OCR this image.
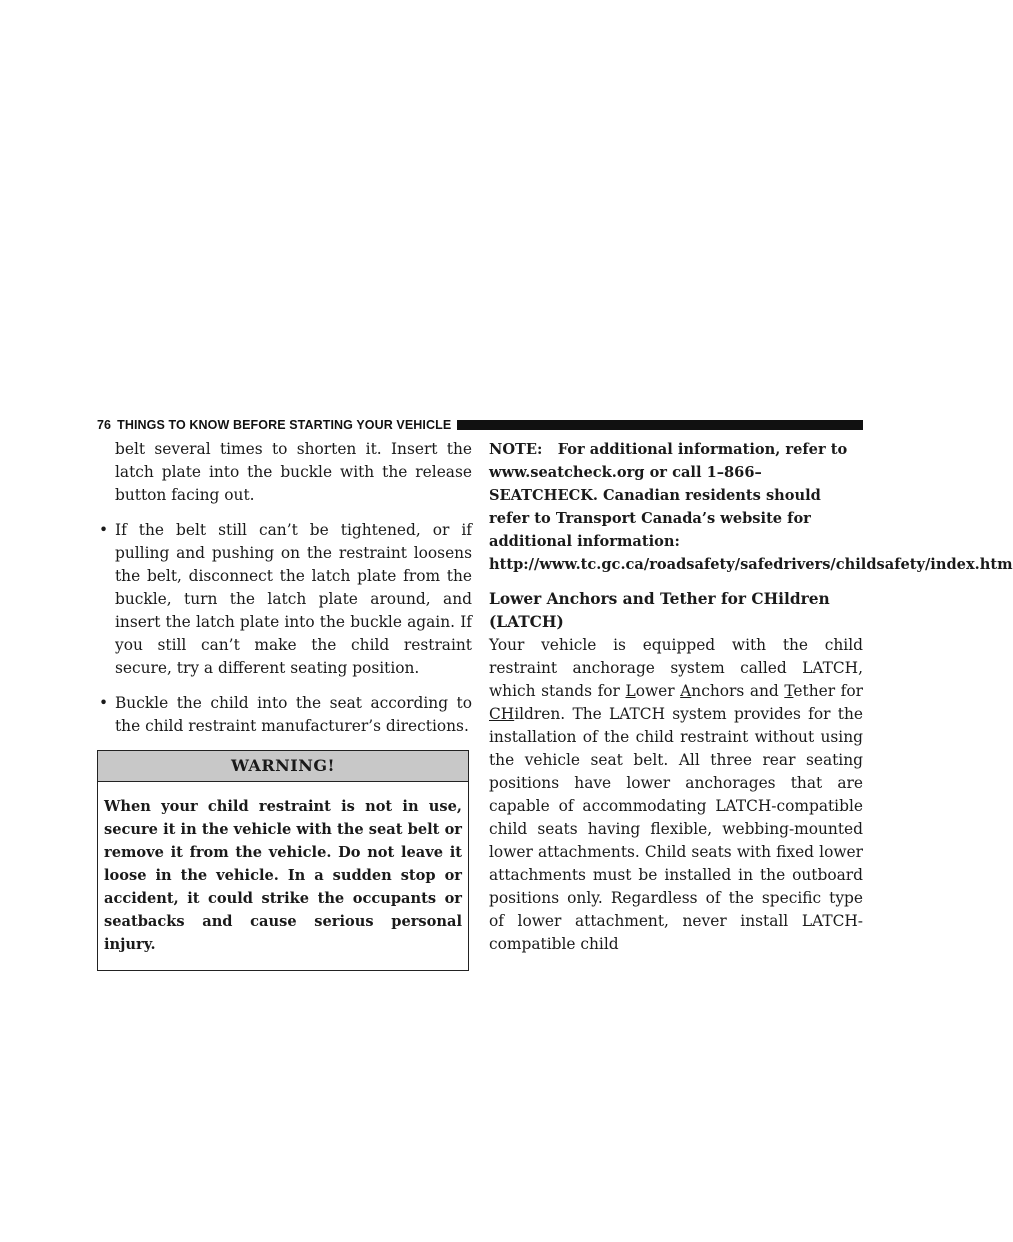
76 THINGS TO KNOW BEFORE STARTING YOUR VEHICLE

belt several times to shorten it. Insert the latch plate into the buckle with the release button facing out.

• If the belt still can’t be tightened, or if pulling and pushing on the restraint loosens the belt, disconnect the latch plate from the buckle, turn the latch plate around, and insert the latch plate into the buckle again. If you still can’t make the child restraint secure, try a different seating position.

• Buckle the child into the seat according to the child restraint manufacturer’s directions.

WARNING!
When your child restraint is not in use, secure it in the vehicle with the seat belt or remove it from the vehicle. Do not leave it loose in the vehicle. In a sudden stop or accident, it could strike the occupants or seatbacks and cause serious personal injury.

NOTE: For additional information, refer to www.seatcheck.org or call 1–866–SEATCHECK. Canadian residents should refer to Transport Canada’s website for additional information: http://www.tc.gc.ca/roadsafety/safedrivers/childsafety/index.htm

Lower Anchors and Tether for CHildren (LATCH)

Your vehicle is equipped with the child restraint anchorage system called LATCH, which stands for Lower Anchors and Tether for CHildren. The LATCH system provides for the installation of the child restraint without using the vehicle seat belt. All three rear seating positions have lower anchorages that are capable of accommodating LATCH-compatible child seats having flexible, webbing-mounted lower attachments. Child seats with fixed lower attachments must be installed in the outboard positions only. Regardless of the specific type of lower attachment, never install LATCH-compatible child
